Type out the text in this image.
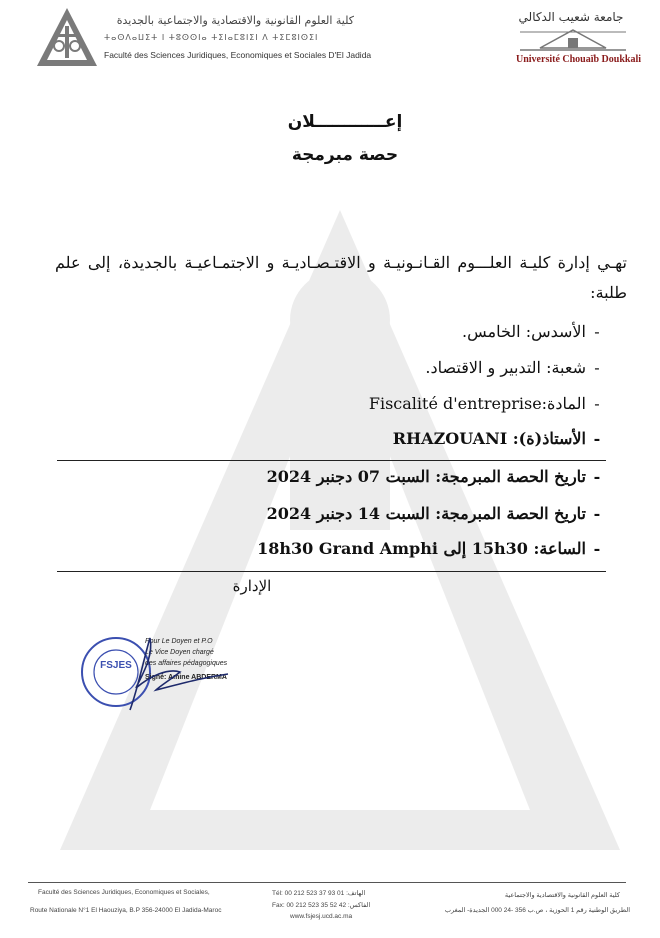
كلية العلوم القانونية والاقتصادية والاجتماعية بالجديدة
ⵜⴰⵙⴷⴰⵡⵉⵜ ⵏ ⵜⵓⵙⵙⵏⴰ ⵜⵉⵏⴰⵎⵓⵏⵉⵏ ⴷ ⵜⵉⵎⵓⵏⵙⵉⵏ
Faculté des Sciences Juridiques, Economiques et Sociales D'El Jadida
جامعة شعيب الدكالي
Université Chouaïb Doukkali
إعــــــــــــلان
حصة مبرمجة
تهـي إدارة كليـة العلـــوم القـانـونيـة و الاقتـصـاديـة و الاجتمـاعيـة بالجديدة، إلى علم طلبة:
-الأسدس: الخامس.
-شعبة: التدبير و الاقتصاد.
-المادة:Fiscalité d'entreprise
-الأستاذ(ة): RHAZOUANI
-تاريخ الحصة المبرمجة: السبت 07 دجنبر 2024
-تاريخ الحصة المبرمجة: السبت 14 دجنبر 2024
-الساعة: 15h30 إلى 18h30 Grand Amphi
الإدارة
FSJES
Pour Le Doyen et P.O
Le Vice Doyen chargé
des affaires pédagogiques
Signé: Amine ABDERMA
Faculté des Sciences Juridiques, Economiques et Sociales,
Route Nationale N°1 El Haouziya, B.P 356-24000 El Jadida-Maroc
Tél: 00 212 523 37 93 01 :الهاتف
Fax: 00 212 523 35 52 42 :الفاكس
www.fsjesj.ucd.ac.ma
كلية العلوم القانونية والاقتصادية والاجتماعية
الطريق الوطنية رقم 1 الحوزية ، ص.ب 356 -24 000 الجديدة- المغرب
